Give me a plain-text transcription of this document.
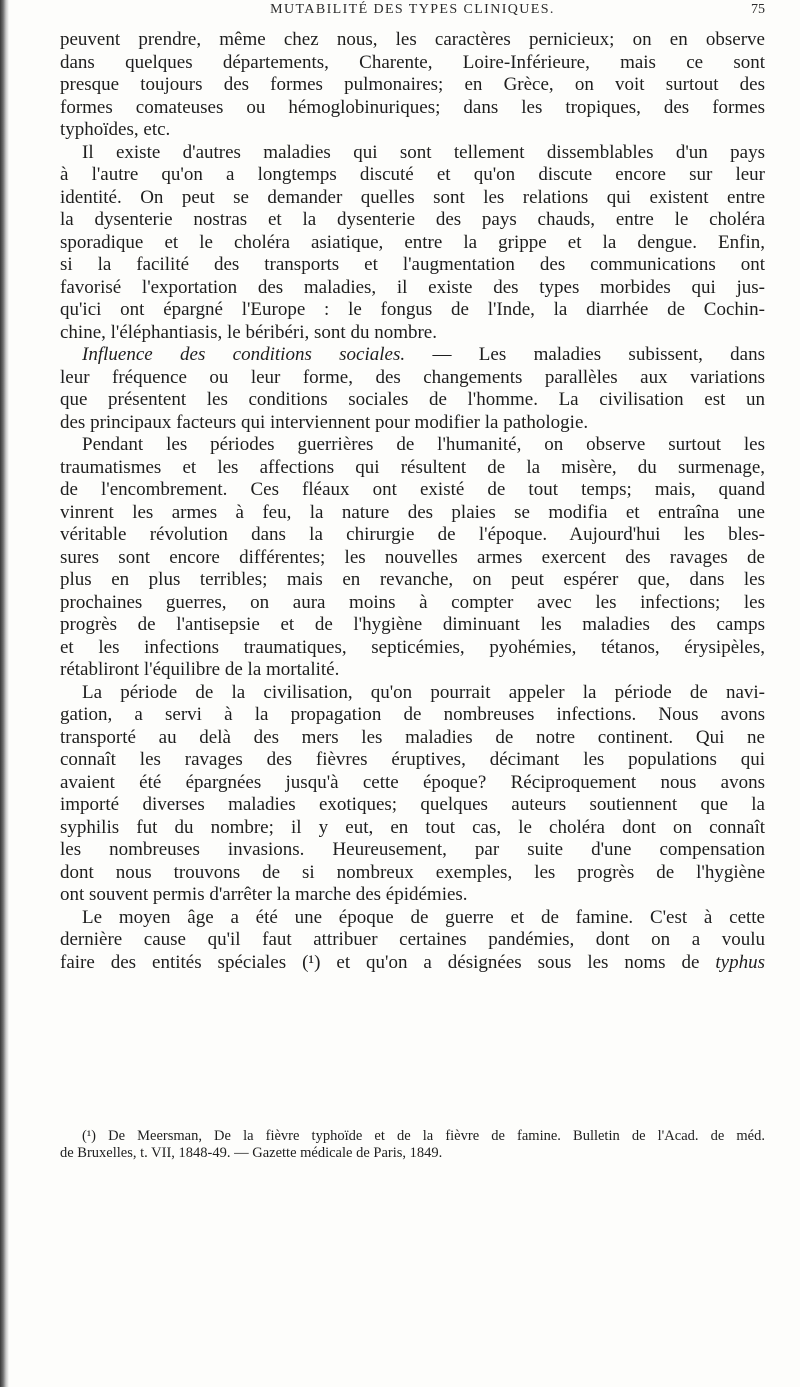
MUTABILITÉ DES TYPES CLINIQUES.	75
peuvent prendre, même chez nous, les caractères pernicieux; on en observe
dans quelques départements, Charente, Loire-Inférieure, mais ce sont
presque toujours des formes pulmonaires; en Grèce, on voit surtout des
formes comateuses ou hémoglobinuriques; dans les tropiques, des formes
typhoïdes, etc.
Il existe d'autres maladies qui sont tellement dissemblables d'un pays
à l'autre qu'on a longtemps discuté et qu'on discute encore sur leur
identité. On peut se demander quelles sont les relations qui existent entre
la dysenterie nostras et la dysenterie des pays chauds, entre le choléra
sporadique et le choléra asiatique, entre la grippe et la dengue. Enfin,
si la facilité des transports et l'augmentation des communications ont
favorisé l'exportation des maladies, il existe des types morbides qui jus-
qu'ici ont épargné l'Europe : le fongus de l'Inde, la diarrhée de Cochin-
chine, l'éléphantiasis, le béribéri, sont du nombre.
Influence des conditions sociales. — Les maladies subissent, dans
leur fréquence ou leur forme, des changements parallèles aux variations
que présentent les conditions sociales de l'homme. La civilisation est un
des principaux facteurs qui interviennent pour modifier la pathologie.
Pendant les périodes guerrières de l'humanité, on observe surtout les
traumatismes et les affections qui résultent de la misère, du surmenage,
de l'encombrement. Ces fléaux ont existé de tout temps; mais, quand
vinrent les armes à feu, la nature des plaies se modifia et entraîna une
véritable révolution dans la chirurgie de l'époque. Aujourd'hui les bles-
sures sont encore différentes; les nouvelles armes exercent des ravages de
plus en plus terribles; mais en revanche, on peut espérer que, dans les
prochaines guerres, on aura moins à compter avec les infections; les
progrès de l'antisepsie et de l'hygiène diminuant les maladies des camps
et les infections traumatiques, septicémies, pyohémies, tétanos, érysipèles,
rétabliront l'équilibre de la mortalité.
La période de la civilisation, qu'on pourrait appeler la période de navi-
gation, a servi à la propagation de nombreuses infections. Nous avons
transporté au delà des mers les maladies de notre continent. Qui ne
connaît les ravages des fièvres éruptives, décimant les populations qui
avaient été épargnées jusqu'à cette époque? Réciproquement nous avons
importé diverses maladies exotiques; quelques auteurs soutiennent que la
syphilis fut du nombre; il y eut, en tout cas, le choléra dont on connaît
les nombreuses invasions. Heureusement, par suite d'une compensation
dont nous trouvons de si nombreux exemples, les progrès de l'hygiène
ont souvent permis d'arrêter la marche des épidémies.
Le moyen âge a été une époque de guerre et de famine. C'est à cette
dernière cause qu'il faut attribuer certaines pandémies, dont on a voulu
faire des entités spéciales (¹) et qu'on a désignées sous les noms de typhus
(¹) De Meersman, De la fièvre typhoïde et de la fièvre de famine. Bulletin de l'Acad. de méd.
de Bruxelles, t. VII, 1848-49. — Gazette médicale de Paris, 1849.
